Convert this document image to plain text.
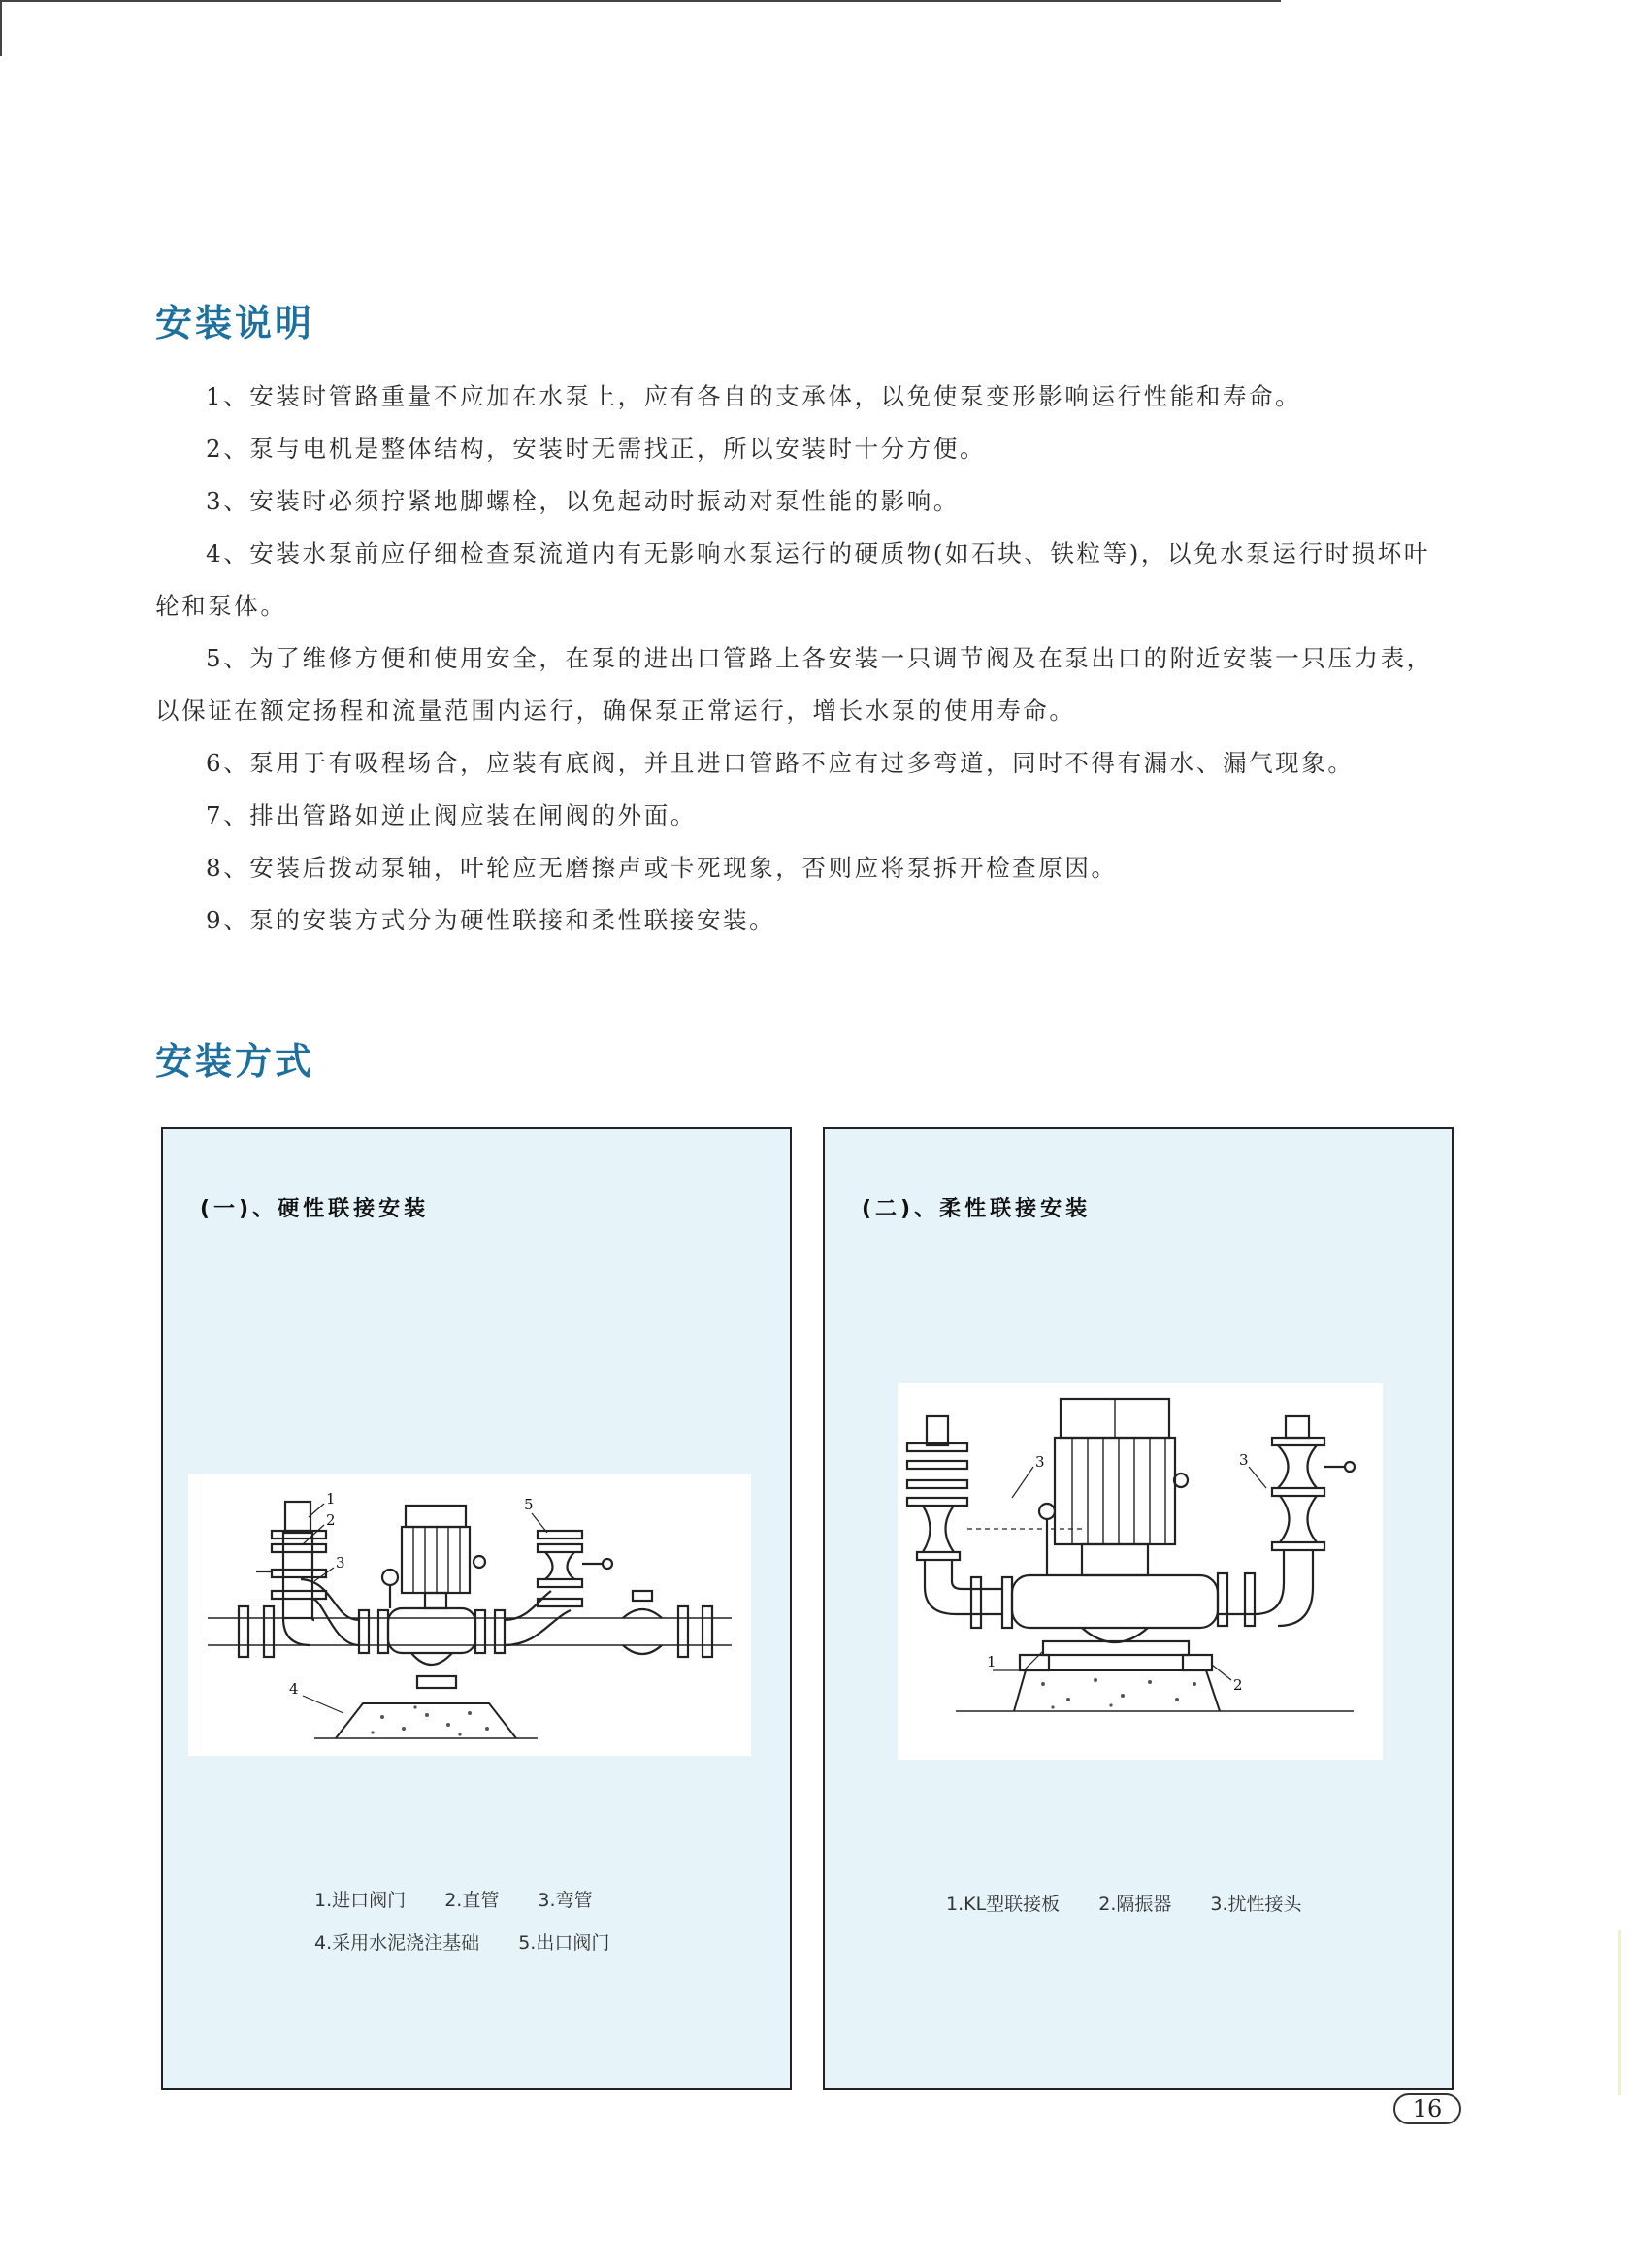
安装说明

1、安装时管路重量不应加在水泵上，应有各自的支承体，以免使泵变形影响运行性能和寿命。

2、泵与电机是整体结构，安装时无需找正，所以安装时十分方便。

3、安装时必须拧紧地脚螺栓，以免起动时振动对泵性能的影响。

4、安装水泵前应仔细检查泵流道内有无影响水泵运行的硬质物(如石块、铁粒等)，以免水泵运行时损坏叶轮和泵体。

5、为了维修方便和使用安全，在泵的进出口管路上各安装一只调节阀及在泵出口的附近安装一只压力表，以保证在额定扬程和流量范围内运行，确保泵正常运行，增长水泵的使用寿命。

6、泵用于有吸程场合，应装有底阀，并且进口管路不应有过多弯道，同时不得有漏水、漏气现象。

7、排出管路如逆止阀应装在闸阀的外面。

8、安装后拨动泵轴，叶轮应无磨擦声或卡死现象，否则应将泵拆开检查原因。

9、泵的安装方式分为硬性联接和柔性联接安装。

安装方式
(一)、硬性联接安装
1
2
3
4
5
1.进口阀门 2.直管 3.弯管
4.采用水泥浇注基础 5.出口阀门
(二)、柔性联接安装
1
2
3	3
1.KL型联接板 2.隔振器 3.扰性接头
16
